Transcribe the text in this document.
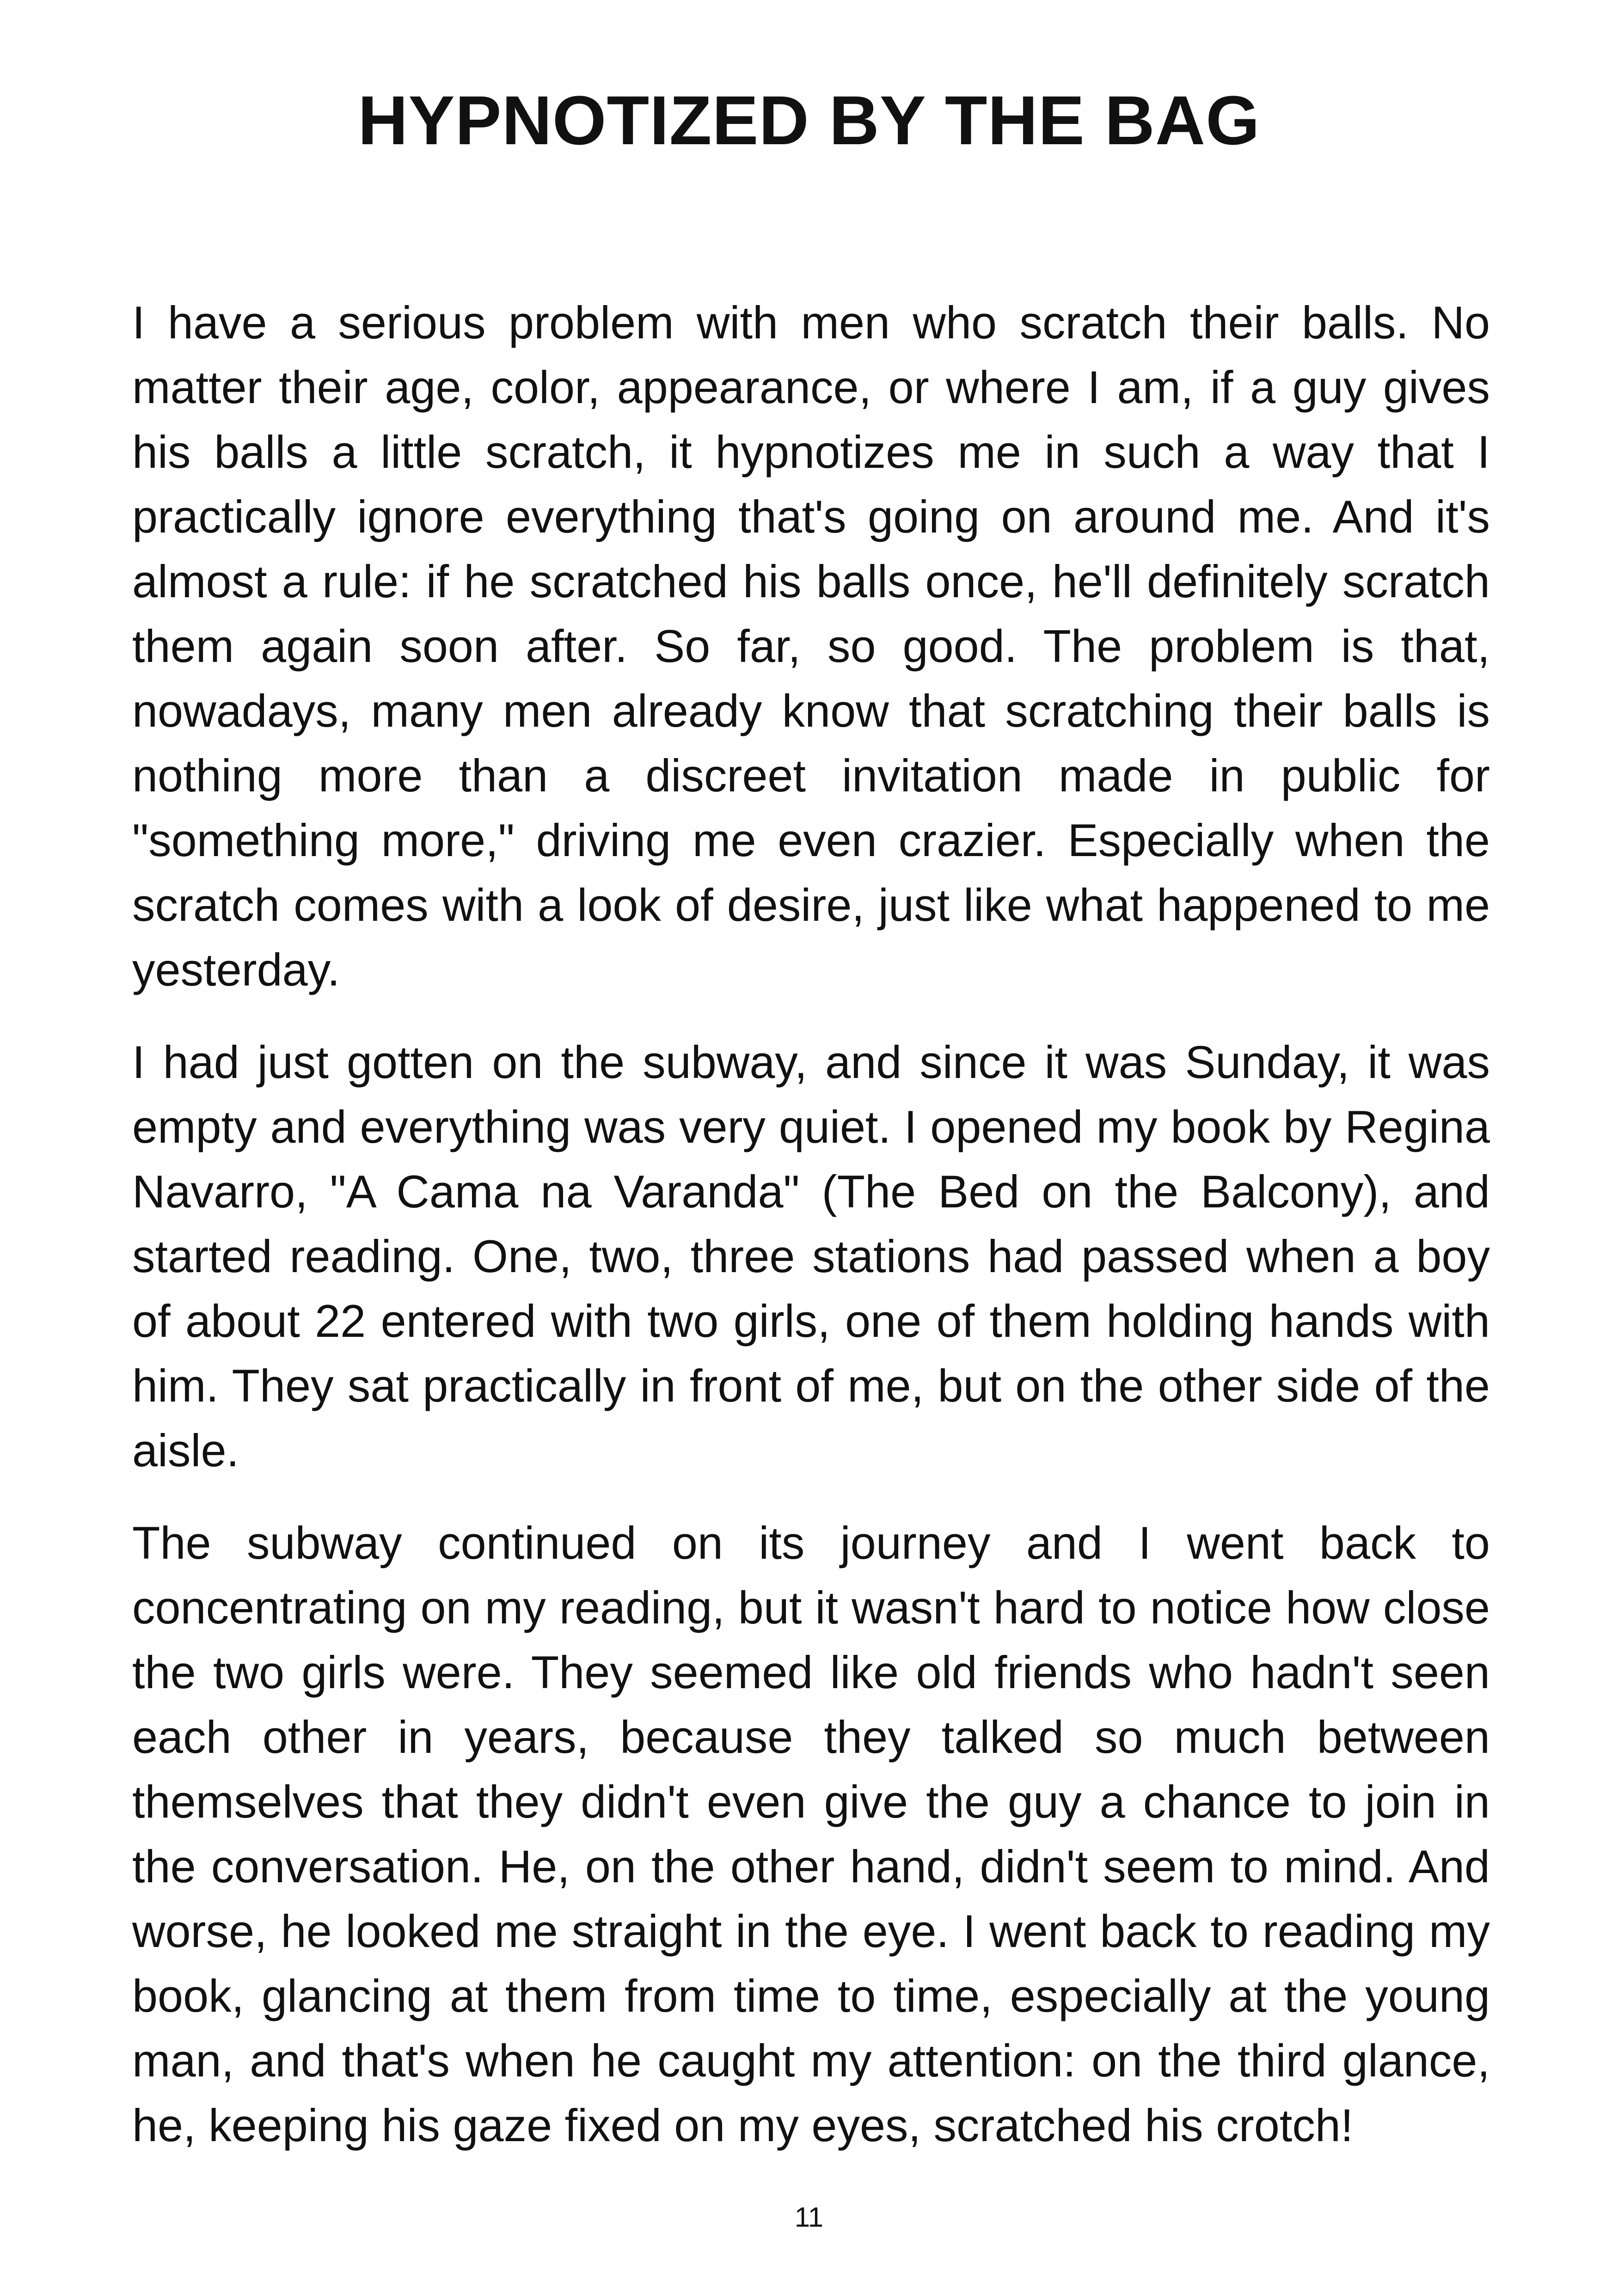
HYPNOTIZED BY THE BAG

I have a serious problem with men who scratch their balls. No matter their age, color, appearance, or where I am, if a guy gives his balls a little scratch, it hypnotizes me in such a way that I practically ignore everything that's going on around me. And it's almost a rule: if he scratched his balls once, he'll definitely scratch them again soon after. So far, so good. The problem is that, nowadays, many men already know that scratching their balls is nothing more than a discreet invitation made in public for "something more," driving me even crazier. Especially when the scratch comes with a look of desire, just like what happened to me yesterday.

I had just gotten on the subway, and since it was Sunday, it was empty and everything was very quiet. I opened my book by Regina Navarro, "A Cama na Varanda" (The Bed on the Balcony), and started reading. One, two, three stations had passed when a boy of about 22 entered with two girls, one of them holding hands with him. They sat practically in front of me, but on the other side of the aisle.

The subway continued on its journey and I went back to concentrating on my reading, but it wasn't hard to notice how close the two girls were. They seemed like old friends who hadn't seen each other in years, because they talked so much between themselves that they didn't even give the guy a chance to join in the conversation. He, on the other hand, didn't seem to mind. And worse, he looked me straight in the eye. I went back to reading my book, glancing at them from time to time, especially at the young man, and that's when he caught my attention: on the third glance, he, keeping his gaze fixed on my eyes, scratched his crotch!

11
